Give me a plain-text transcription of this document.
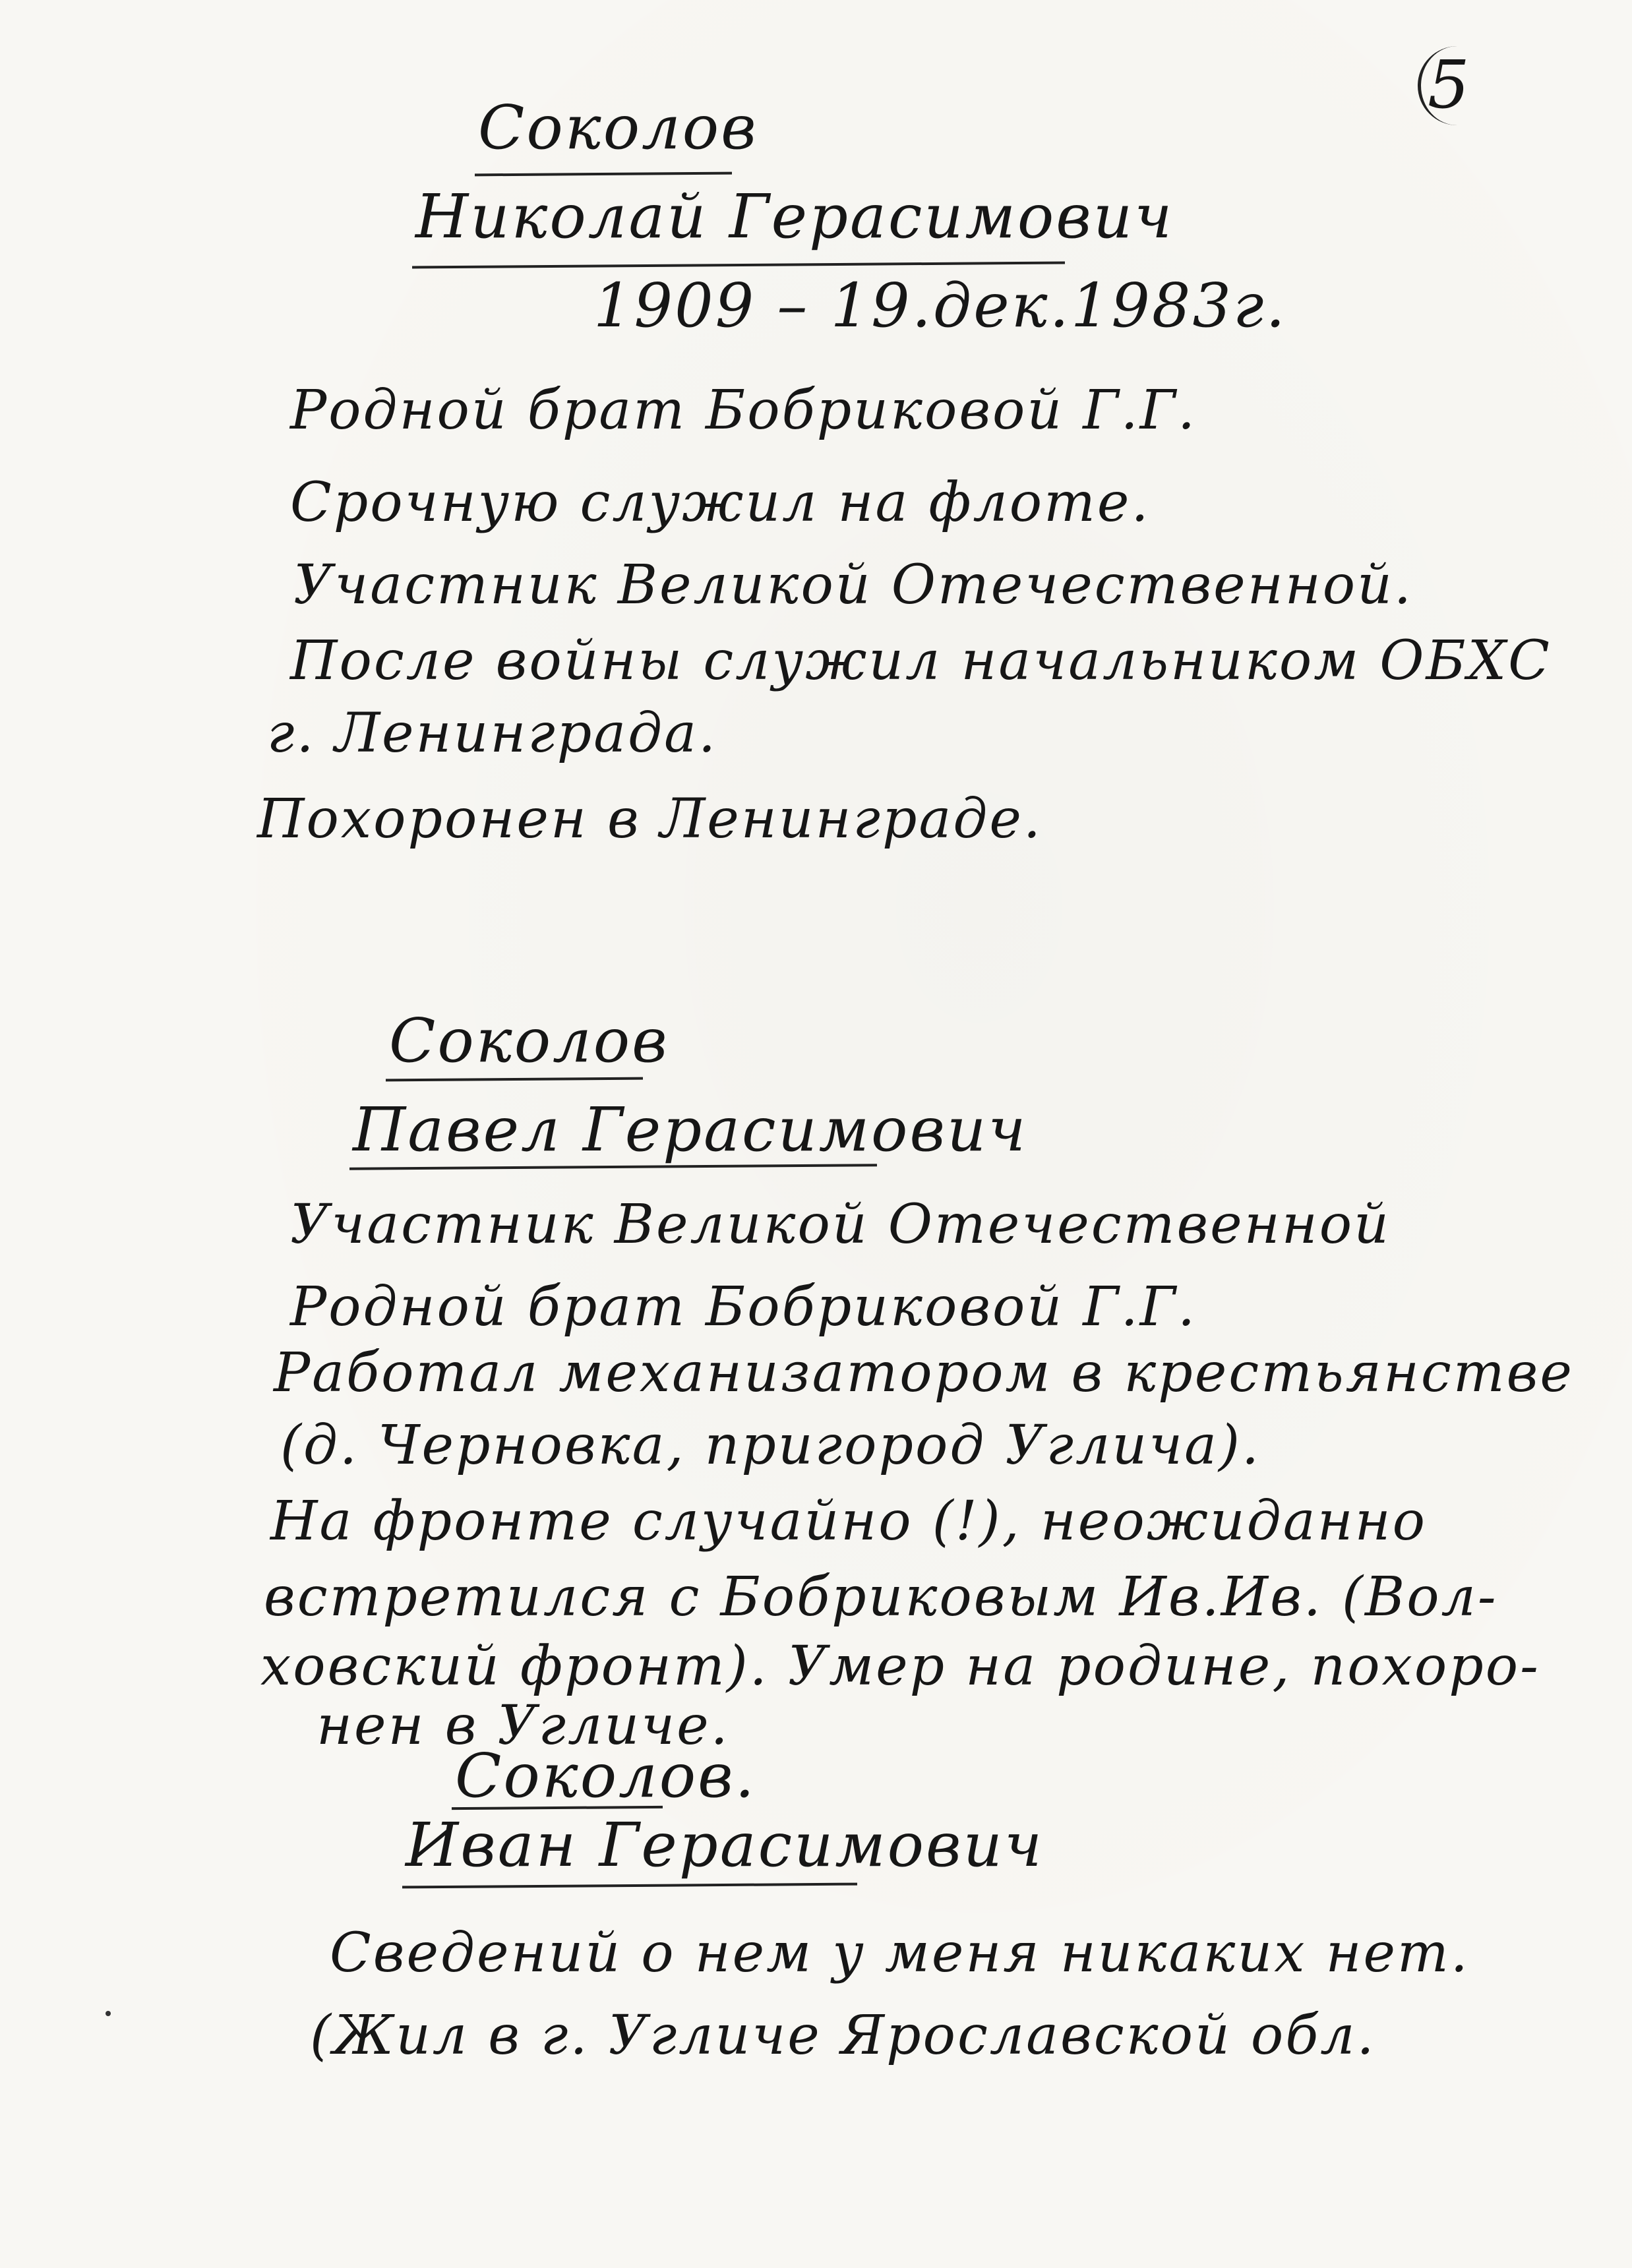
5
Соколов
Николай Герасимович
1909 – 19.дек.1983г.
Родной брат Бобриковой Г.Г.
Срочную служил на флоте.
Участник Великой Отечественной.
После войны служил начальником ОБХС
г. Ленинграда.
Похоронен в Ленинграде.
Соколов
Павел Герасимович
Участник Великой Отечественной
Родной брат Бобриковой Г.Г.
Работал механизатором в крестьянстве
(д. Черновка, пригород Углича).
На фронте случайно (!), неожиданно
встретился с Бобриковым Ив.Ив. (Вол-
ховский фронт). Умер на родине, похоро-
нен в Угличе.
Соколов.
Иван Герасимович
Сведений о нем у меня никаких нет.
(Жил в г. Угличе Ярославской обл.
